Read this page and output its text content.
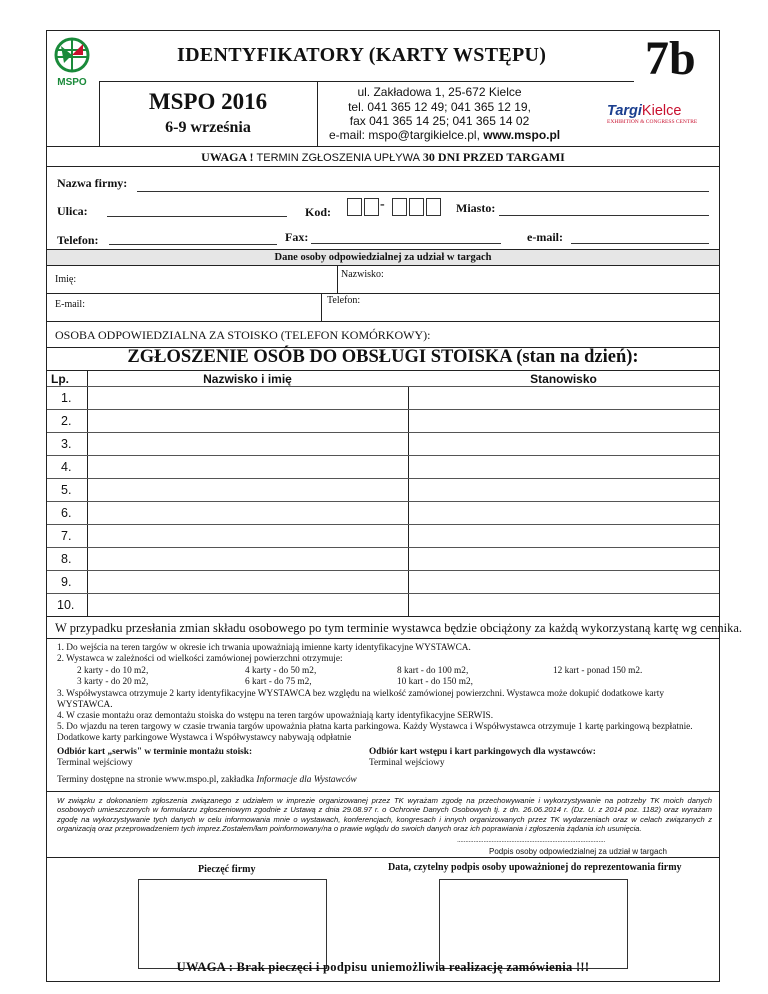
MSPO
IDENTYFIKATORY (KARTY WSTĘPU) 7b
MSPO 2016
6-9 września
ul. Zakładowa 1, 25-672 Kielce
tel. 041 365 12 49; 041 365 12 19,
fax 041 365 14 25; 041 365 14 02
e-mail: mspo@targikielce.pl, www.mspo.pl
TargiKielce
EXHIBITION & CONGRESS CENTRE
UWAGA ! TERMIN ZGŁOSZENIA UPŁYWA 30 DNI PRZED TARGAMI
Nazwa firmy:
Ulica:	Kod:	-	Miasto:
Telefon:	Fax:	e-mail:
Dane osoby odpowiedzialnej za udział w targach
Imię:	Nazwisko:
E-mail:	Telefon:
OSOBA ODPOWIEDZIALNA ZA STOISKO (TELEFON KOMÓRKOWY):
ZGŁOSZENIE OSÓB DO OBSŁUGI STOISKA (stan na dzień):
Lp.	Nazwisko i imię	Stanowisko
1.
2.
3.
4.
5.
6.
7.
8.
9.
10.
W przypadku przesłania zmian składu osobowego po tym terminie wystawca będzie obciążony za każdą wykorzystaną kartę wg cennika.
1. Do wejścia na teren targów w okresie ich trwania upoważniają imienne karty identyfikacyjne WYSTAWCA.
2. Wystawca w zależności od wielkości zamówionej powierzchni otrzymuje:
2 karty - do 10 m2,	4 karty - do 50 m2,	8 kart - do 100 m2,	12 kart - ponad 150 m2.
3 karty - do 20 m2,	6 kart - do 75 m2,	10 kart - do 150 m2,
3. Współwystawca otrzymuje 2 karty identyfikacyjne WYSTAWCA bez względu na wielkość zamówionej powierzchni. Wystawca może dokupić dodatkowe karty WYSTAWCA.
4. W czasie montażu oraz demontażu stoiska do wstępu na teren targów upoważniają karty identyfikacyjne SERWIS.
5. Do wjazdu na teren targowy w czasie trwania targów upoważnia płatna karta parkingowa. Każdy Wystawca i Współwystawca otrzymuje 1 kartę parkingową bezpłatnie.
Dodatkowe karty parkingowe Wystawca i Współwystawcy nabywają odpłatnie
Odbiór kart „serwis" w terminie montażu stoisk:
Terminal wejściowy
Odbiór kart wstępu i kart parkingowych dla wystawców:
Terminal wejściowy
Terminy dostępne na stronie www.mspo.pl, zakładka Informacje dla Wystawców
W związku z dokonaniem zgłoszenia związanego z udziałem w imprezie organizowanej przez TK wyrażam zgodę na przechowywanie i wykorzystywanie na potrzeby TK moich danych osobowych umieszczonych w formularzu zgłoszeniowym zgodnie z Ustawą z dnia 29.08.97 r. o Ochronie Danych Osobowych tj. z dn. 26.06.2014 r. (Dz. U. z 2014 poz. 1182) oraz wyrażam zgodę na wykorzystywanie tych danych w celu informowania mnie o wystawach, konferencjach, kongresach i innych organizowanych przez TK wydarzeniach oraz w celach związanych z organizacją oraz przeprowadzeniem tych imprez.Zostałem/łam poinformowany/na o prawie wglądu do swoich danych oraz ich poprawiania i zgłoszenia żądania ich usunięcia.
..........................................................................................
Podpis osoby odpowiedzialnej za udział w targach
Pieczęć firmy	Data, czytelny podpis osoby upoważnionej do reprezentowania firmy
UWAGA : Brak pieczęci i podpisu uniemożliwia realizację zamówienia !!!
